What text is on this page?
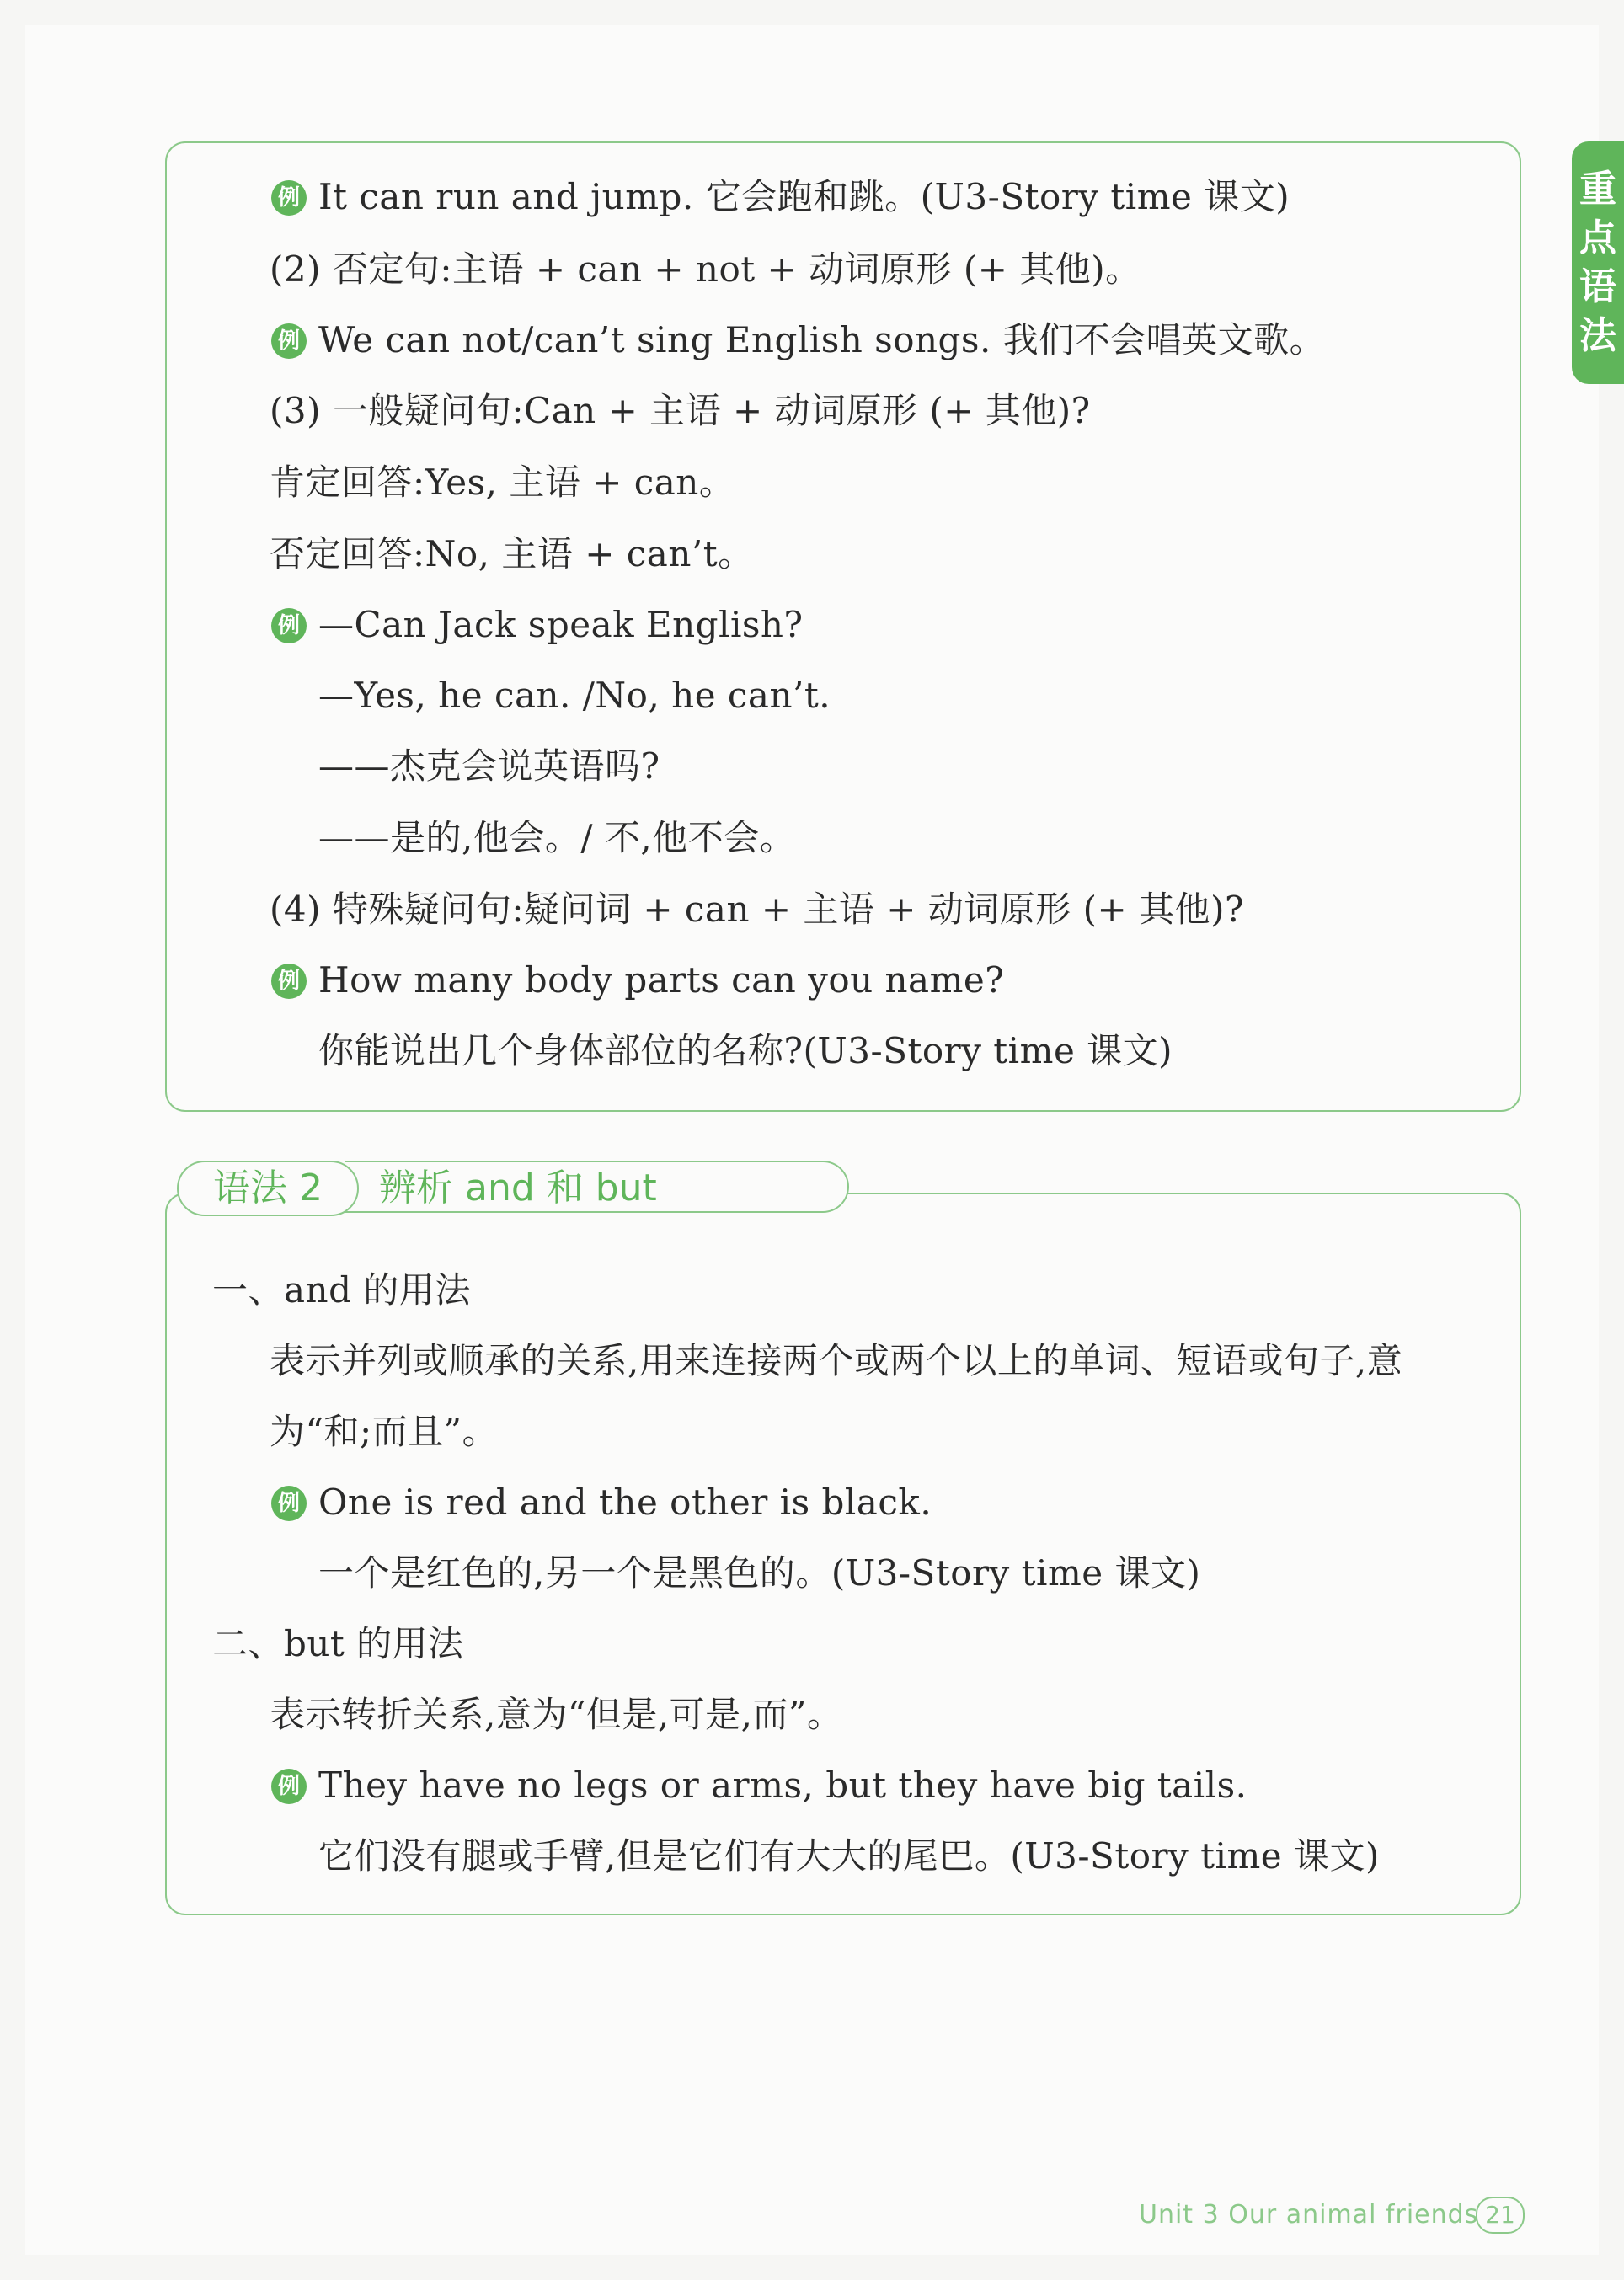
重
点
语
法
例 It can run and jump. 它会跑和跳。(U3-Story time 课文)
(2) 否定句:主语 + can + not + 动词原形 (+ 其他)。
例 We can not/can’t sing English songs. 我们不会唱英文歌。
(3) 一般疑问句:Can + 主语 + 动词原形 (+ 其他)?
肯定回答:Yes, 主语 + can。
否定回答:No, 主语 + can’t。
例 —Can Jack speak English?
—Yes, he can. /No, he can’t.
——杰克会说英语吗?
——是的,他会。/ 不,他不会。
(4) 特殊疑问句:疑问词 + can + 主语 + 动词原形 (+ 其他)?
例 How many body parts can you name?
你能说出几个身体部位的名称?(U3-Story time 课文)
辨析 and 和 but
语法 2
一、and 的用法
表示并列或顺承的关系,用来连接两个或两个以上的单词、短语或句子,意
为“和;而且”。
例 One is red and the other is black.
一个是红色的,另一个是黑色的。(U3-Story time 课文)
二、but 的用法
表示转折关系,意为“但是,可是,而”。
例 They have no legs or arms, but they have big tails.
它们没有腿或手臂,但是它们有大大的尾巴。(U3-Story time 课文)
Unit 3 Our animal friends 21
